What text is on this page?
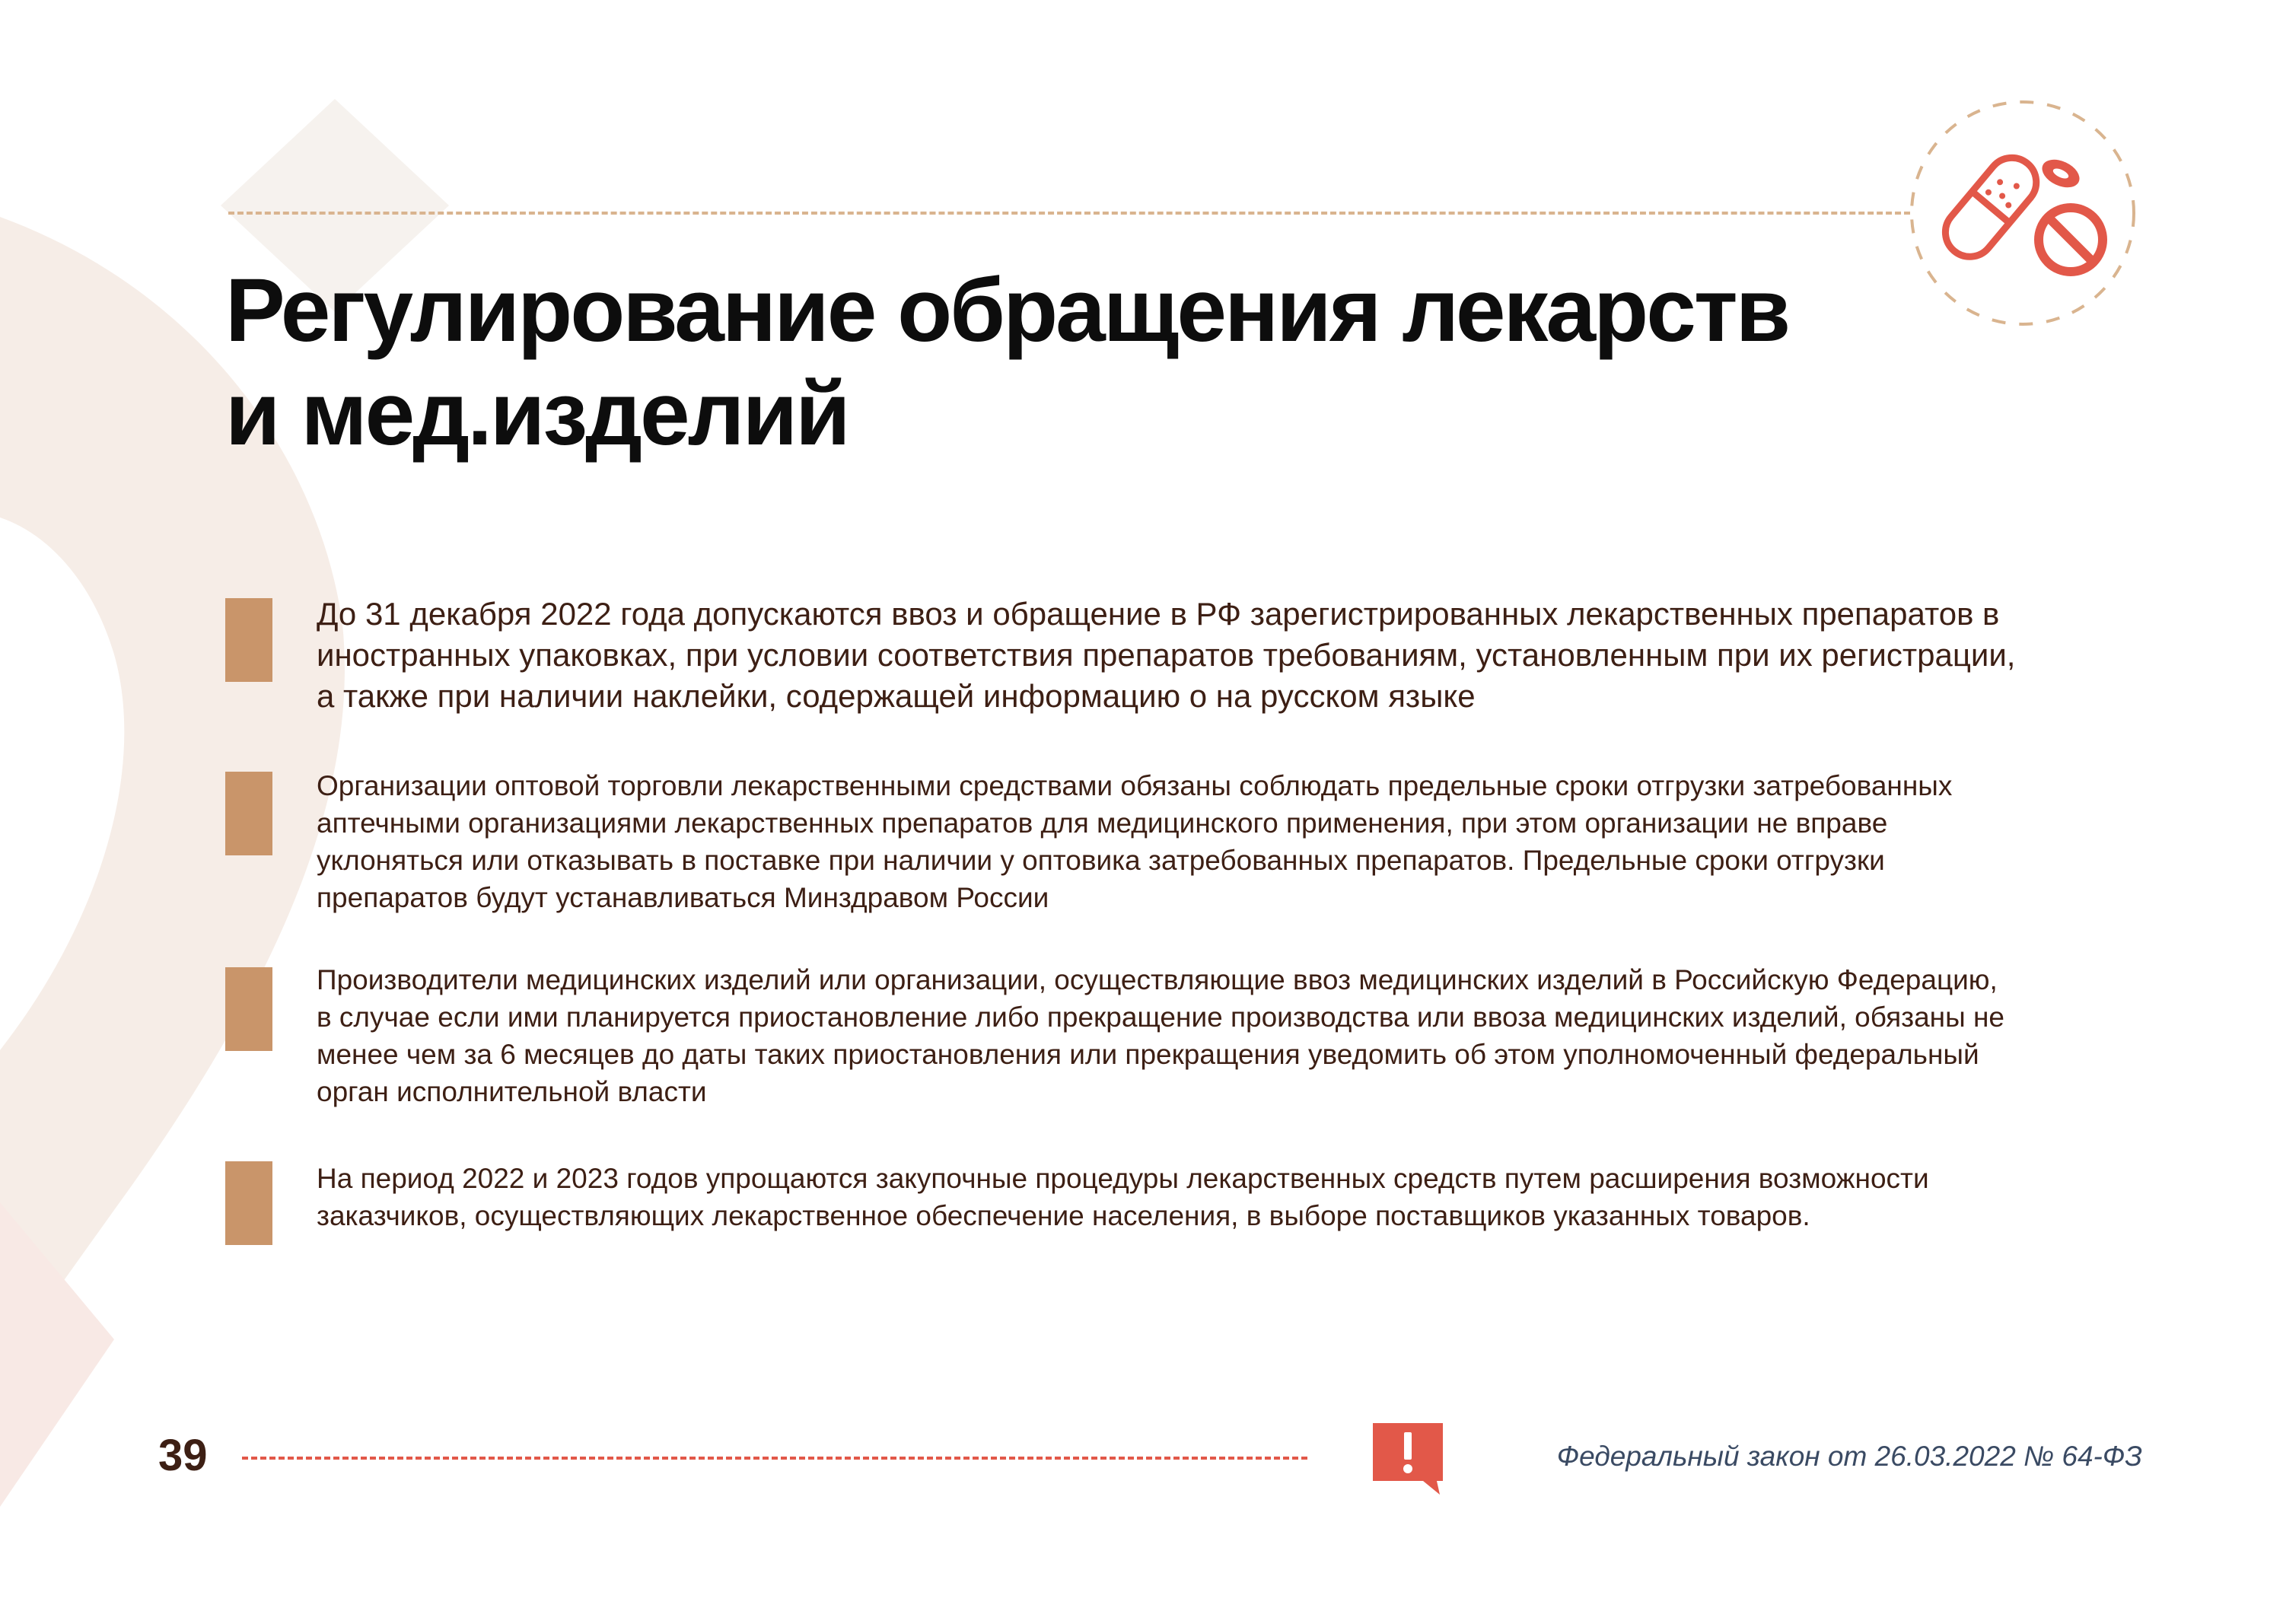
Регулирование обращения лекарств
и мед.изделий

До 31 декабря 2022 года допускаются ввоз и обращение в РФ зарегистрированных лекарственных препаратов в
иностранных упаковках, при условии соответствия препаратов требованиям, установленным при их регистрации,
а также при наличии наклейки, содержащей информацию о на русском языке

Организации оптовой торговли лекарственными средствами обязаны соблюдать предельные сроки отгрузки затребованных
аптечными организациями лекарственных препаратов для медицинского применения, при этом организации не вправе
уклоняться или отказывать в поставке при наличии у оптовика затребованных препаратов. Предельные сроки отгрузки
препаратов будут устанавливаться Минздравом России

Производители медицинских изделий или организации, осуществляющие ввоз медицинских изделий в Российскую Федерацию,
в случае если ими планируется приостановление либо прекращение производства или ввоза медицинских изделий, обязаны не
менее чем за 6 месяцев до даты таких приостановления или прекращения уведомить об этом уполномоченный федеральный
орган исполнительной власти

На период 2022 и 2023 годов упрощаются закупочные процедуры лекарственных средств путем расширения возможности
заказчиков, осуществляющих лекарственное обеспечение населения, в выборе поставщиков указанных товаров.

39	Федеральный закон от 26.03.2022 № 64-ФЗ
